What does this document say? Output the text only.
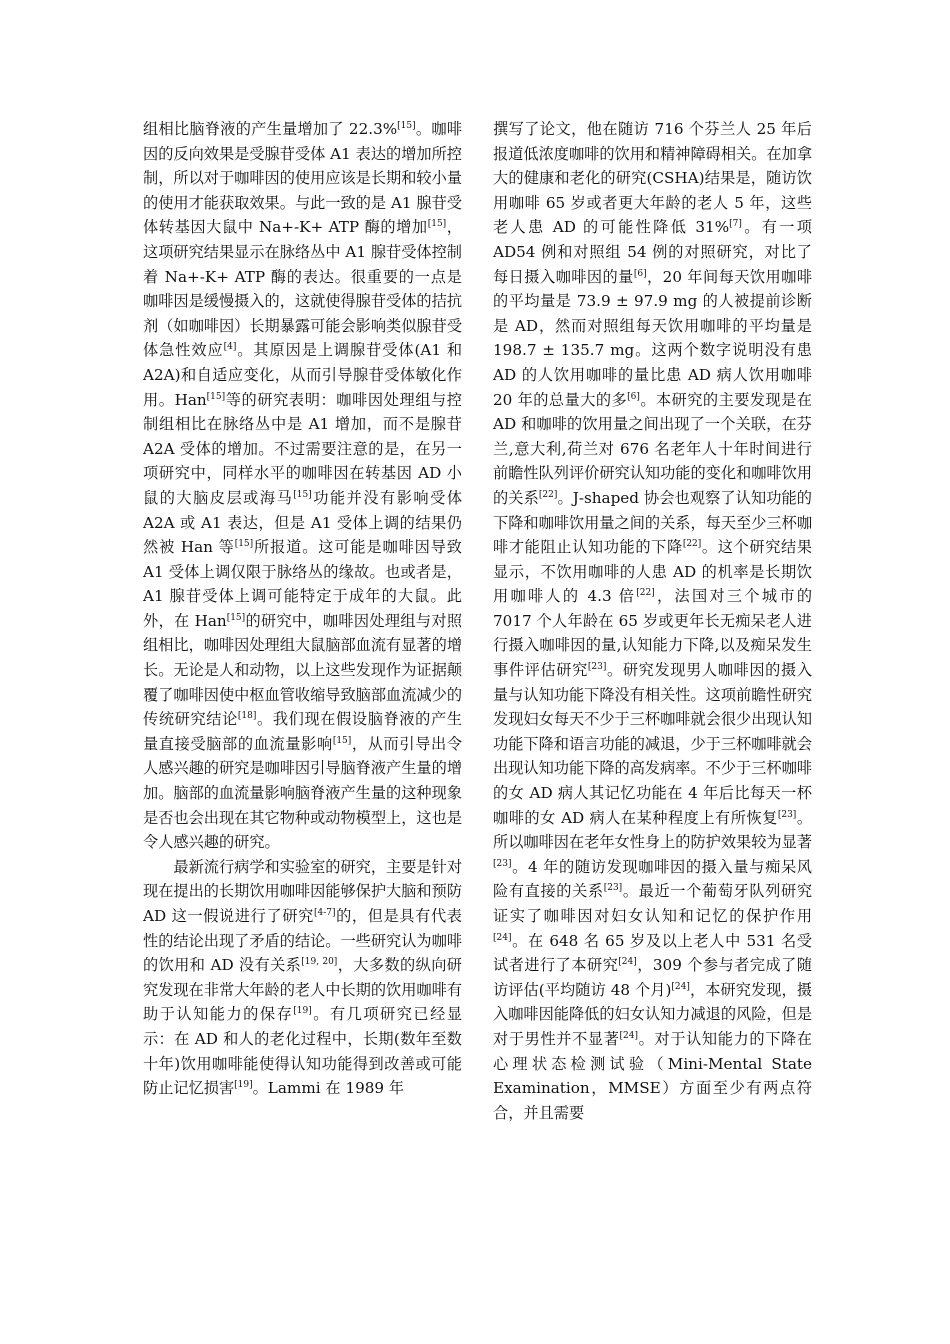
组相比脑脊液的产生量增加了 22.3%[15]。咖啡因的反向效果是受腺苷受体 A1 表达的增加所控制，所以对于咖啡因的使用应该是长期和较小量的使用才能获取效果。与此一致的是 A1 腺苷受体转基因大鼠中 Na+-K+ ATP 酶的增加[15]，这项研究结果显示在脉络丛中 A1 腺苷受体控制着 Na+-K+ ATP 酶的表达。很重要的一点是咖啡因是缓慢摄入的，这就使得腺苷受体的拮抗剂（如咖啡因）长期暴露可能会影响类似腺苷受体急性效应[4]。其原因是上调腺苷受体(A1 和 A2A)和自适应变化，从而引导腺苷受体敏化作用。Han[15]等的研究表明：咖啡因处理组与控制组相比在脉络丛中是 A1 增加，而不是腺苷 A2A 受体的增加。不过需要注意的是，在另一项研究中，同样水平的咖啡因在转基因 AD 小鼠的大脑皮层或海马[15]功能并没有影响受体 A2A 或 A1 表达，但是 A1 受体上调的结果仍然被 Han 等[15]所报道。这可能是咖啡因导致 A1 受体上调仅限于脉络丛的缘故。也或者是，A1 腺苷受体上调可能特定于成年的大鼠。此外，在 Han[15]的研究中，咖啡因处理组与对照组相比，咖啡因处理组大鼠脑部血流有显著的增长。无论是人和动物，以上这些发现作为证据颠覆了咖啡因使中枢血管收缩导致脑部血流减少的传统研究结论[18]。我们现在假设脑脊液的产生量直接受脑部的血流量影响[15]，从而引导出令人感兴趣的研究是咖啡因引导脑脊液产生量的增加。脑部的血流量影响脑脊液产生量的这种现象是否也会出现在其它物种或动物模型上，这也是令人感兴趣的研究。

最新流行病学和实验室的研究，主要是针对现在提出的长期饮用咖啡因能够保护大脑和预防 AD 这一假说进行了研究[4-7]的，但是具有代表性的结论出现了矛盾的结论。一些研究认为咖啡的饮用和 AD 没有关系[19, 20]，大多数的纵向研究发现在非常大年龄的老人中长期的饮用咖啡有助于认知能力的保存[19]。有几项研究已经显示：在 AD 和人的老化过程中，长期(数年至数十年)饮用咖啡能使得认知功能得到改善或可能防止记忆损害[19]。Lammi 在 1989 年

撰写了论文，他在随访 716 个芬兰人 25 年后报道低浓度咖啡的饮用和精神障碍相关。在加拿大的健康和老化的研究(CSHA)结果是，随访饮用咖啡 65 岁或者更大年龄的老人 5 年，这些老人患 AD 的可能性降低 31%[7]。有一项 AD54 例和对照组 54 例的对照研究，对比了每日摄入咖啡因的量[6]，20 年间每天饮用咖啡的平均量是 73.9 ± 97.9 mg 的人被提前诊断是 AD，然而对照组每天饮用咖啡的平均量是 198.7 ± 135.7 mg。这两个数字说明没有患 AD 的人饮用咖啡的量比患 AD 病人饮用咖啡 20 年的总量大的多[6]。本研究的主要发现是在 AD 和咖啡的饮用量之间出现了一个关联，在芬兰,意大利,荷兰对 676 名老年人十年时间进行前瞻性队列评价研究认知功能的变化和咖啡饮用的关系[22]。J-shaped 协会也观察了认知功能的下降和咖啡饮用量之间的关系，每天至少三杯咖啡才能阻止认知功能的下降[22]。这个研究结果显示，不饮用咖啡的人患 AD 的机率是长期饮用咖啡人的 4.3 倍[22]，法国对三个城市的 7017 个人年龄在 65 岁或更年长无痴呆老人进行摄入咖啡因的量,认知能力下降,以及痴呆发生事件评估研究[23]。研究发现男人咖啡因的摄入量与认知功能下降没有相关性。这项前瞻性研究发现妇女每天不少于三杯咖啡就会很少出现认知功能下降和语言功能的减退，少于三杯咖啡就会出现认知功能下降的高发病率。不少于三杯咖啡的女 AD 病人其记忆功能在 4 年后比每天一杯咖啡的女 AD 病人在某种程度上有所恢复[23]。所以咖啡因在老年女性身上的防护效果较为显著[23]。4 年的随访发现咖啡因的摄入量与痴呆风险有直接的关系[23]。最近一个葡萄牙队列研究证实了咖啡因对妇女认知和记忆的保护作用[24]。在 648 名 65 岁及以上老人中 531 名受试者进行了本研究[24]，309 个参与者完成了随访评估(平均随访 48 个月)[24]，本研究发现，摄入咖啡因能降低的妇女认知力减退的风险，但是对于男性并不显著[24]。对于认知能力的下降在心理状态检测试验（Mini-Mental State Examination，MMSE）方面至少有两点符合，并且需要
